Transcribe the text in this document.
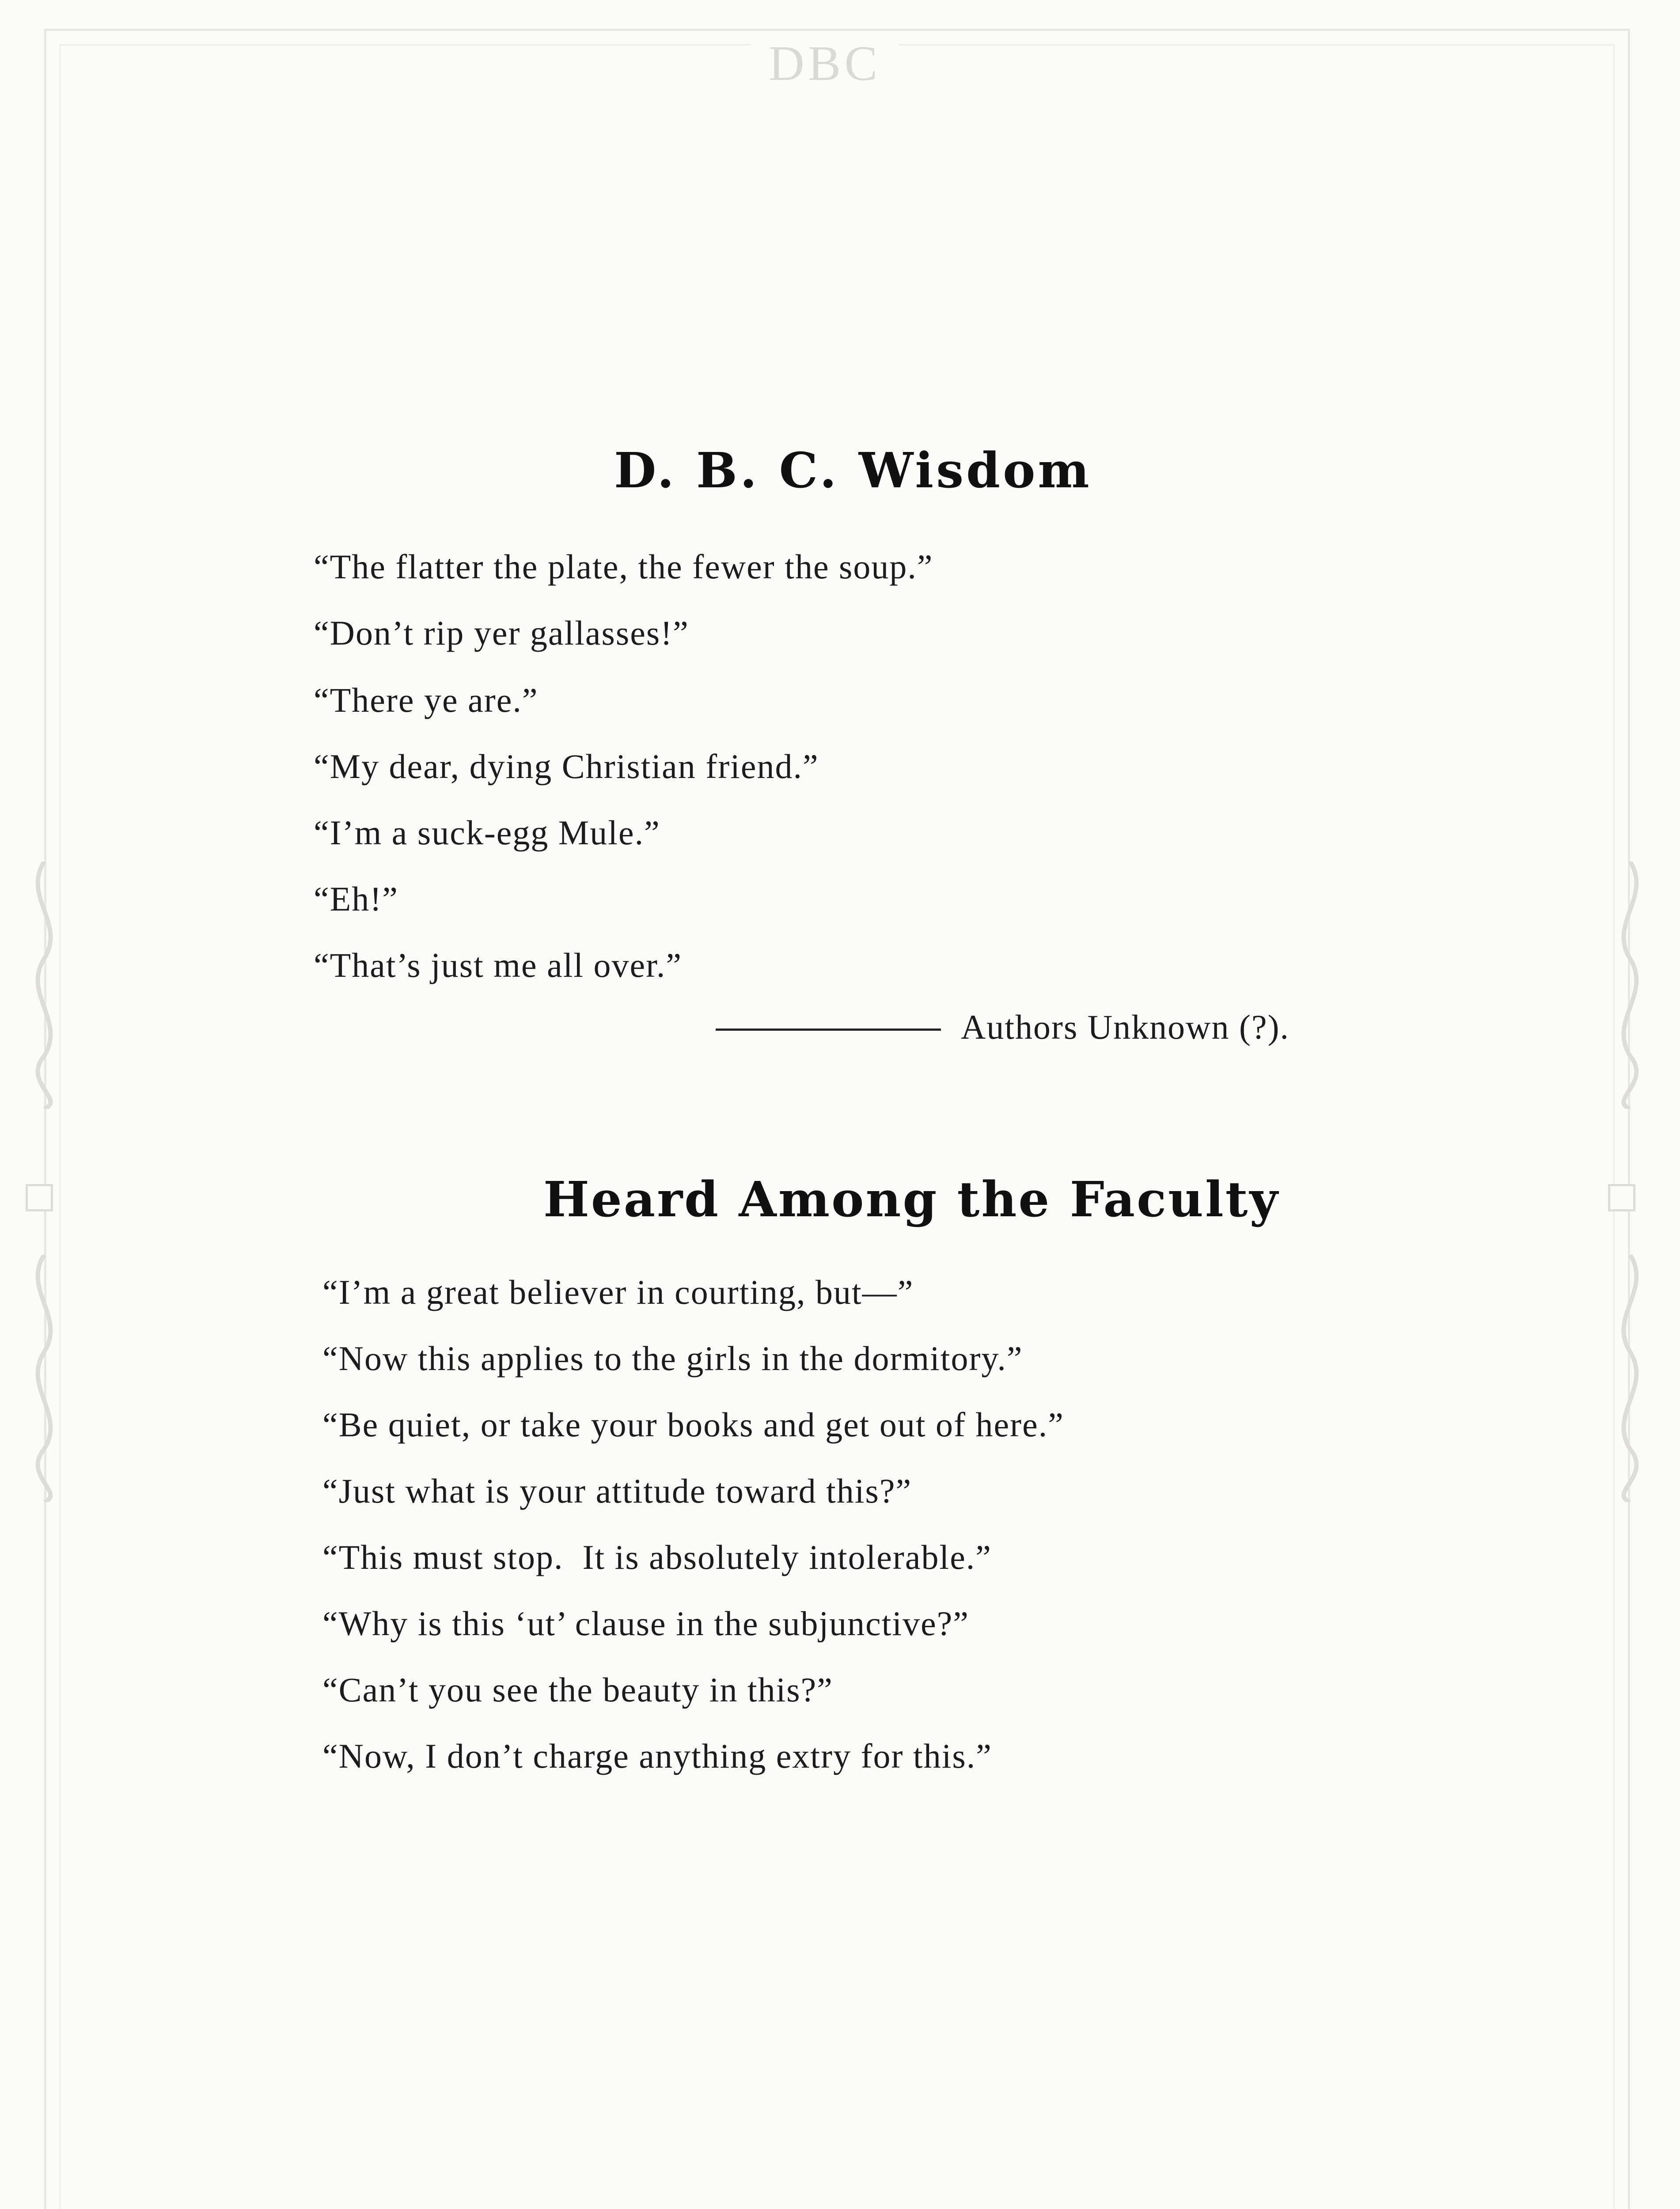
DBC
D. B. C. Wisdom

“The flatter the plate, the fewer the soup.”

“Don’t rip yer gallasses!”

“There ye are.”

“My dear, dying Christian friend.”

“I’m a suck-egg Mule.”

“Eh!”

“That’s just me all over.”

Authors Unknown (?).

Heard Among the Faculty

“I’m a great believer in courting, but—”

“Now this applies to the girls in the dormitory.”

“Be quiet, or take your books and get out of here.”

“Just what is your attitude toward this?”

“This must stop.  It is absolutely intolerable.”

“Why is this ‘ut’ clause in the subjunctive?”

“Can’t you see the beauty in this?”

“Now, I don’t charge anything extry for this.”
